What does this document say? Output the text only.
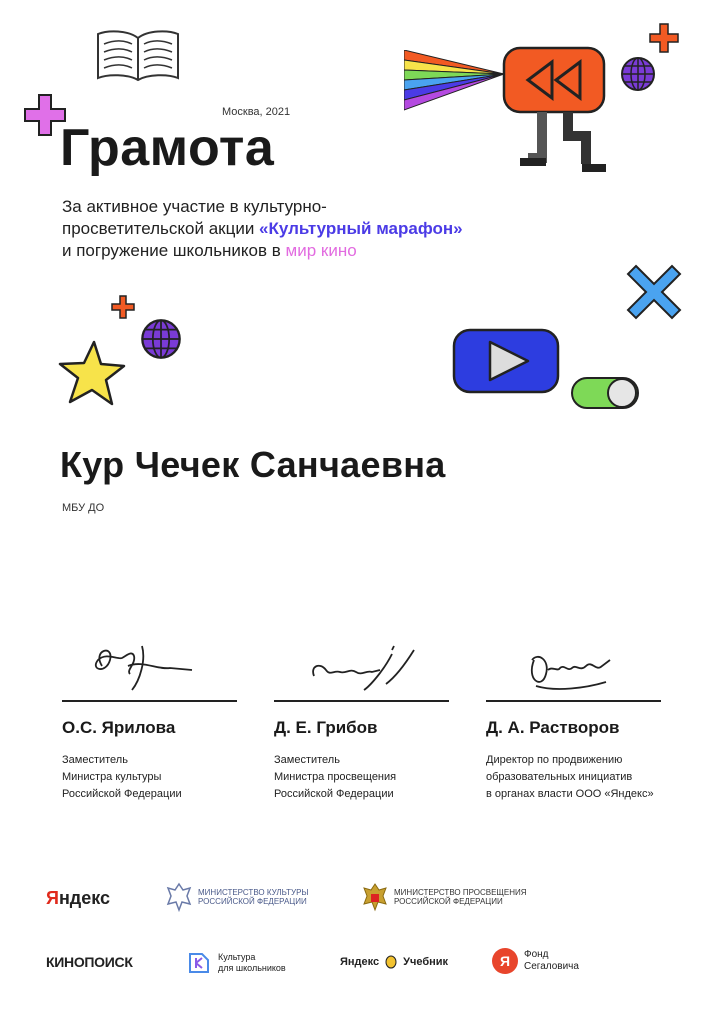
Москва, 2021
Грамота
За активное участие в культурно-
просветительской акции «Культурный марафон»
и погружение школьников в мир кино
Кур Чечек Санчаевна
МБУ ДО
О.С. Ярилова
Заместитель
Министра культуры
Российской Федерации
Д. Е. Грибов
Заместитель
Министра просвещения
Российской Федерации
Д. А. Растворов
Директор по продвижению
образовательных инициатив
в органах власти ООО «Яндекс»
Яндекс	МИНИСТЕРСТВО КУЛЬТУРЫ
РОССИЙСКОЙ ФЕДЕРАЦИИ
МИНИСТЕРСТВО ПРОСВЕЩЕНИЯ
РОССИЙСКОЙ ФЕДЕРАЦИИ
КИНОПОИСК	Культура
для школьников	Яндекс Учебник	Я	Фонд
Сегаловича
